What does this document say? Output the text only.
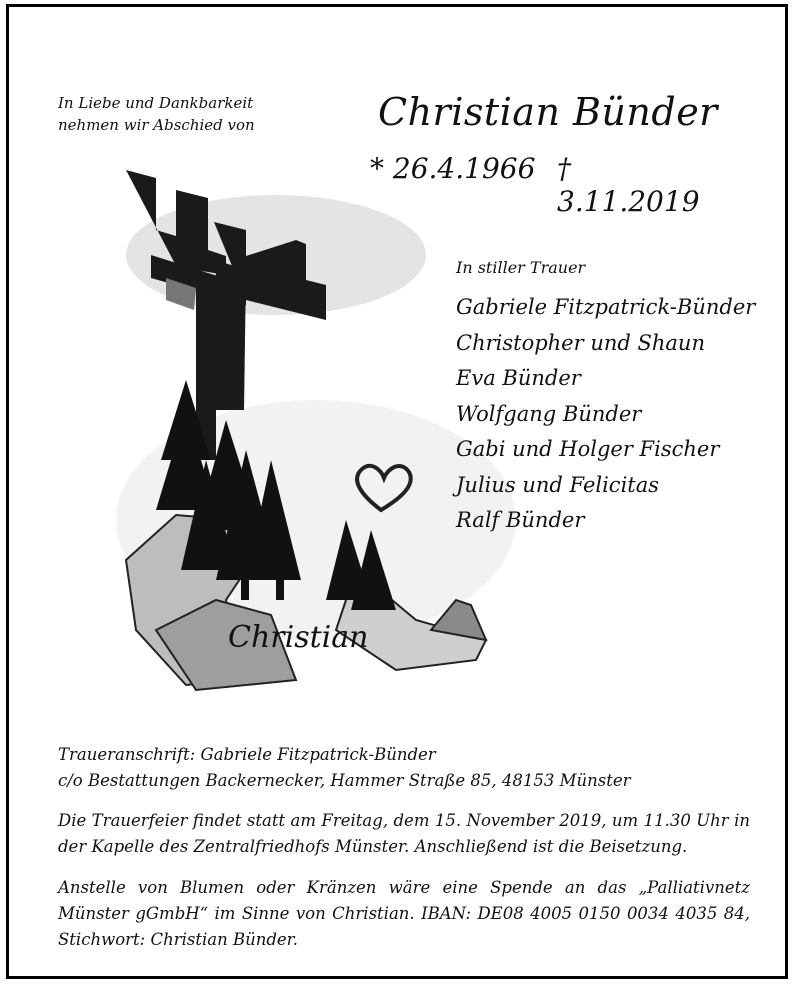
In Liebe und Dankbarkeit
nehmen wir Abschied von	Christian Bünder
* 26.4.1966 † 3.11.2019
Christian
In stiller Trauer
Gabriele Fitzpatrick-Bünder
Christopher und Shaun
Eva Bünder
Wolfgang Bünder
Gabi und Holger Fischer
Julius und Felicitas
Ralf Bünder
Traueranschrift: Gabriele Fitzpatrick-Bünder
c/o Bestattungen Backernecker, Hammer Straße 85, 48153 Münster
Die Trauerfeier findet statt am Freitag, dem 15. November 2019, um 11.30 Uhr in der Kapelle des Zentralfriedhofs Münster. Anschließend ist die Beisetzung.
Anstelle von Blumen oder Kränzen wäre eine Spende an das „Palliativnetz Münster gGmbH“ im Sinne von Christian. IBAN: DE08 4005 0150 0034 4035 84, Stichwort: Christian Bünder.
